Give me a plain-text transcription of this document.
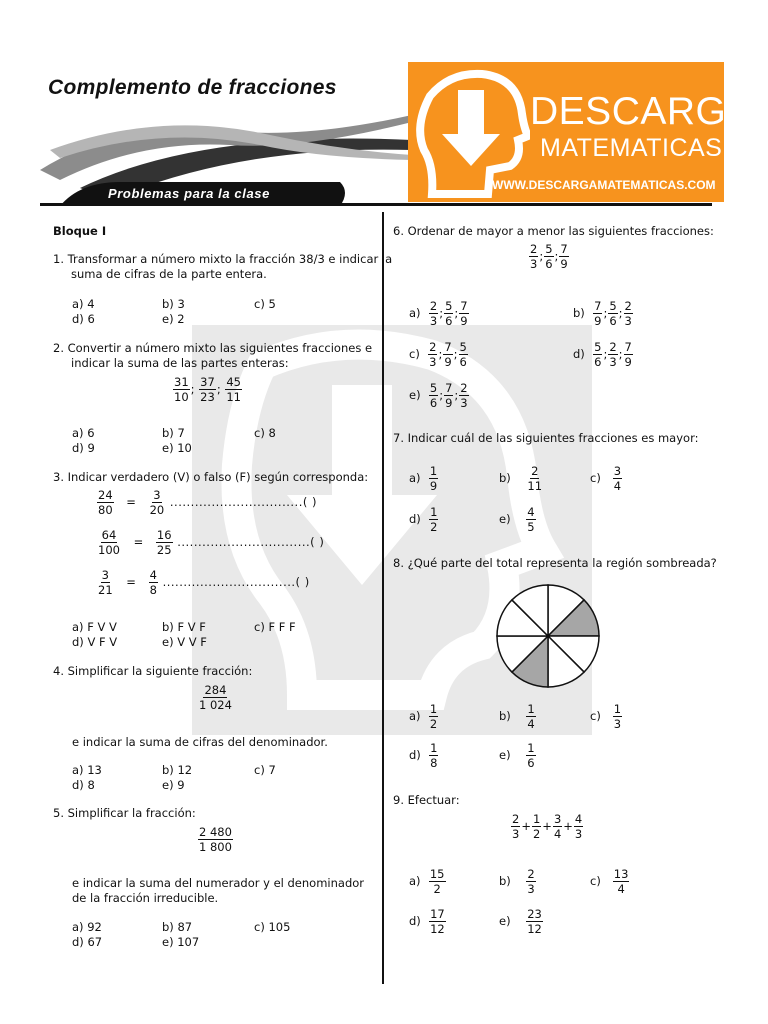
Complemento de fracciones
Problemas para la clase
DESCARGA
MATEMATICAS
WWW.DESCARGAMATEMATICAS.COM
Bloque I
1. Transformar a número mixto la fracción 38/3 e indicar la suma de cifras de la parte entera.
a) 4	b) 3	c) 5
d) 6	e) 2
2. Convertir a número mixto las siguientes fracciones e indicar la suma de las partes enteras:
$\frac{31}{10}$ ; $\frac{37}{23}$ ; $\frac{45}{11}$
a) 6	b) 7	c) 8
d) 9	e) 10
3. Indicar verdadero (V) o falso (F) según corresponda:
$\frac{24}{80} = \frac{3}{20}$ ................................( )
$\frac{64}{100} = \frac{16}{25}$ ................................( )
$\frac{3}{21} = \frac{4}{8}$ ................................( )
a) F V V	b) F V F	c) F F F
d) V F V	e) V V F
4. Simplificar la siguiente fracción:
$\frac{284}{1 024}$
e indicar la suma de cifras del denominador.
a) 13	b) 12	c) 7
d) 8	e) 9
5. Simplificar la fracción:
$\frac{2 480}{1 800}$
e indicar la suma del numerador y el denominador de la fracción irreducible.
a) 92	b) 87	c) 105
d) 67	e) 107
6. Ordenar de mayor a menor las siguientes fracciones:
$\frac{2}{3}$ ; $\frac{5}{6}$ ; $\frac{7}{9}$
$a) \frac{2}{3}$ ; $\frac{5}{6}$ ; $\frac{7}{9}$	$b) \frac{7}{9}$ ; $\frac{5}{6}$ ; $\frac{2}{3}$
$c) \frac{2}{3}$ ; $\frac{7}{9}$ ; $\frac{5}{6}$	$d) \frac{5}{6}$ ; $\frac{2}{3}$ ; $\frac{7}{9}$
$e) \frac{5}{6}$ ; $\frac{7}{9}$ ; $\frac{2}{3}$
7. Indicar cuál de las siguientes fracciones es mayor:
$a) \frac{1}{9}$	$b) \frac{2}{11}$	$c) \frac{3}{4}$
$d) \frac{1}{2}$	$e) \frac{4}{5}$
8. ¿Qué parte del total representa la región sombreada?
$a) \frac{1}{2}$	$b) \frac{1}{4}$	$c) \frac{1}{3}$
$d) \frac{1}{8}$	$e) \frac{1}{6}$
9. Efectuar:
$\frac{2}{3} + \frac{1}{2} + \frac{3}{4} + \frac{4}{3}$
$a) \frac{15}{2}$	$b) \frac{2}{3}$	$c) \frac{13}{4}$
$d) \frac{17}{12}$	$e) \frac{23}{12}$
